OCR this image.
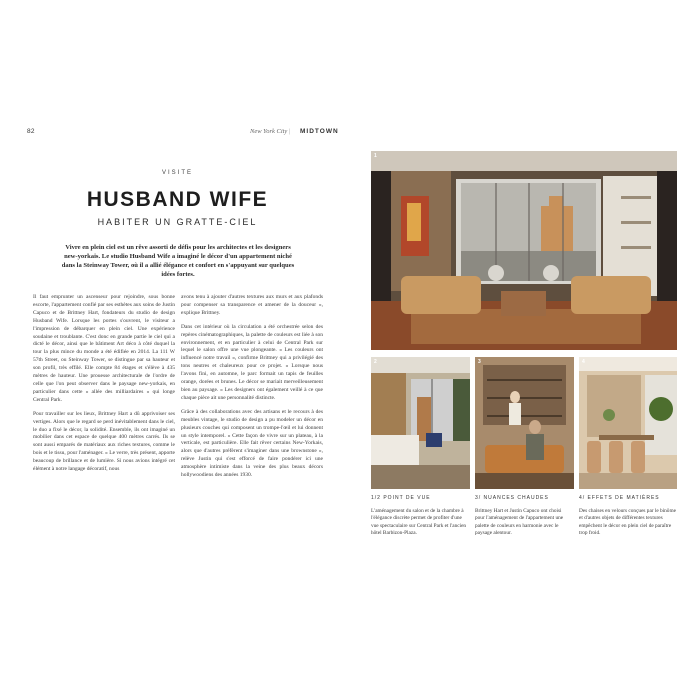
82	New York City | MIDTOWN
VISITE
HUSBAND WIFE
HABITER UN GRATTE-CIEL

Vivre en plein ciel est un rêve assorti de défis pour les architectes et les designers new-yorkais. Le studio Husband Wife a imaginé le décor d'un appartement niché dans la Steinway Tower, où il a allié élégance et confort en s'appuyant sur quelques idées fortes.

Il faut emprunter un ascenseur pour rejoindre, sous bonne escorte, l'appartement confié par ses esthètes aux soins de Justin Capuco et de Brittney Hart, fondateurs du studio de design Husband Wife. Lorsque les portes s'ouvrent, le visiteur a l'impression de débarquer en plein ciel. Une expérience soudaine et troublante. C'est donc en grande partie le ciel qui a dicté le décor, ainsi que le bâtiment Art déco à côté duquel la tour la plus mince du monde a été édifiée en 2014. La 111 W 57th Street, ou Steinway Tower, se distingue par sa hauteur et son profil, très effilé. Elle compte 84 étages et s'élève à 435 mètres de hauteur. Une prouesse architecturale de l'ordre de celle que l'on peut observer dans le paysage new-yorkais, en particulier dans cette « allée des milliardaires » qui longe Central Park.

Pour travailler sur les lieux, Brittney Hart a dû apprivoiser ses vertiges. Alors que le regard se perd inévitablement dans le ciel, le duo a fixé le décor, la solidité. Ensemble, ils ont imaginé un mobilier dans cet espace de quelque 400 mètres carrés. Ils se sont aussi emparés de matériaux aux riches textures, comme le bois et le tissu, pour l'aménager. « Le verre, très présent, apporte beaucoup de brillance et de lumière. Si nous avions intégré cet élément à notre langage décoratif, nous

avons tenu à ajouter d'autres textures aux murs et aux plafonds pour compenser sa transparence et amener de la douceur », explique Brittney.

Dans cet intérieur où la circulation a été orchestrée selon des repères cinématographiques, la palette de couleurs est liée à son environnement, et en particulier à celui de Central Park sur lequel le salon offre une vue plongeante. « Les couleurs ont influencé notre travail », confirme Brittney qui a privilégié des tons neutres et chaleureux pour ce projet. « Lorsque nous l'avons fini, en automne, le parc formait un tapis de feuilles orange, dorées et brunes. Le décor se mariait merveilleusement bien au paysage. » Les designers ont également veillé à ce que chaque pièce ait une personnalité distincte.

Grâce à des collaborations avec des artisans et le recours à des meubles vintage, le studio de design a pu modeler un décor en plusieurs couches qui composent un trompe-l'œil et lui donnent un style intemporel. « Cette façon de vivre sur un plateau, à la verticale, est particulière. Elle fait rêver certains New-Yorkais, alors que d'autres préfèrent s'imaginer dans une brownstone », relève Justin qui s'est efforcé de faire pondérer ici une atmosphère intimiste dans la veine des plus beaux décors hollywoodiens des années 1930.

1
2	3	4
1/2 POINT DE VUE
L'aménagement du salon et de la chambre à l'élégance discrète permet de profiter d'une vue spectaculaire sur Central Park et l'ancien hôtel Barbizon-Plaza.
3/ NUANCES CHAUDES
Brittney Hart et Justin Capuco ont choisi pour l'aménagement de l'appartement une palette de couleurs en harmonie avec le paysage alentour.
4/ EFFETS DE MATIÈRES
Des chaises en velours conçues par le binôme et d'autres objets de différentes textures empêchent le décor en plein ciel de paraître trop froid.
